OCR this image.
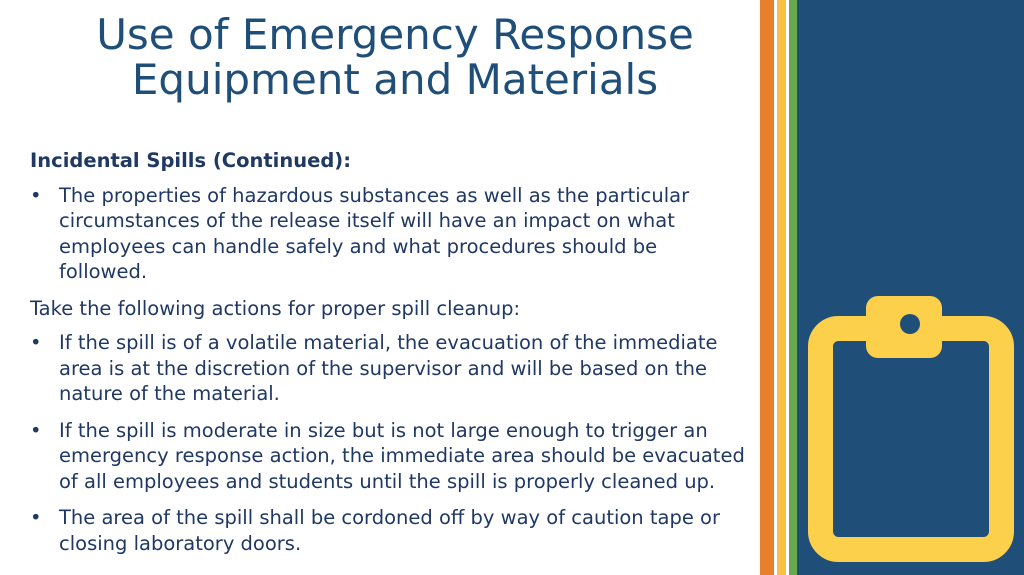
Use of Emergency Response
Equipment and Materials

Incidental Spills (Continued):

• The properties of hazardous substances as well as the particular circumstances of the release itself will have an impact on what employees can handle safely and what procedures should be followed.

Take the following actions for proper spill cleanup:

• If the spill is of a volatile material, the evacuation of the immediate area is at the discretion of the supervisor and will be based on the nature of the material.
• If the spill is moderate in size but is not large enough to trigger an emergency response action, the immediate area should be evacuated of all employees and students until the spill is properly cleaned up.
• The area of the spill shall be cordoned off by way of caution tape or closing laboratory doors.
